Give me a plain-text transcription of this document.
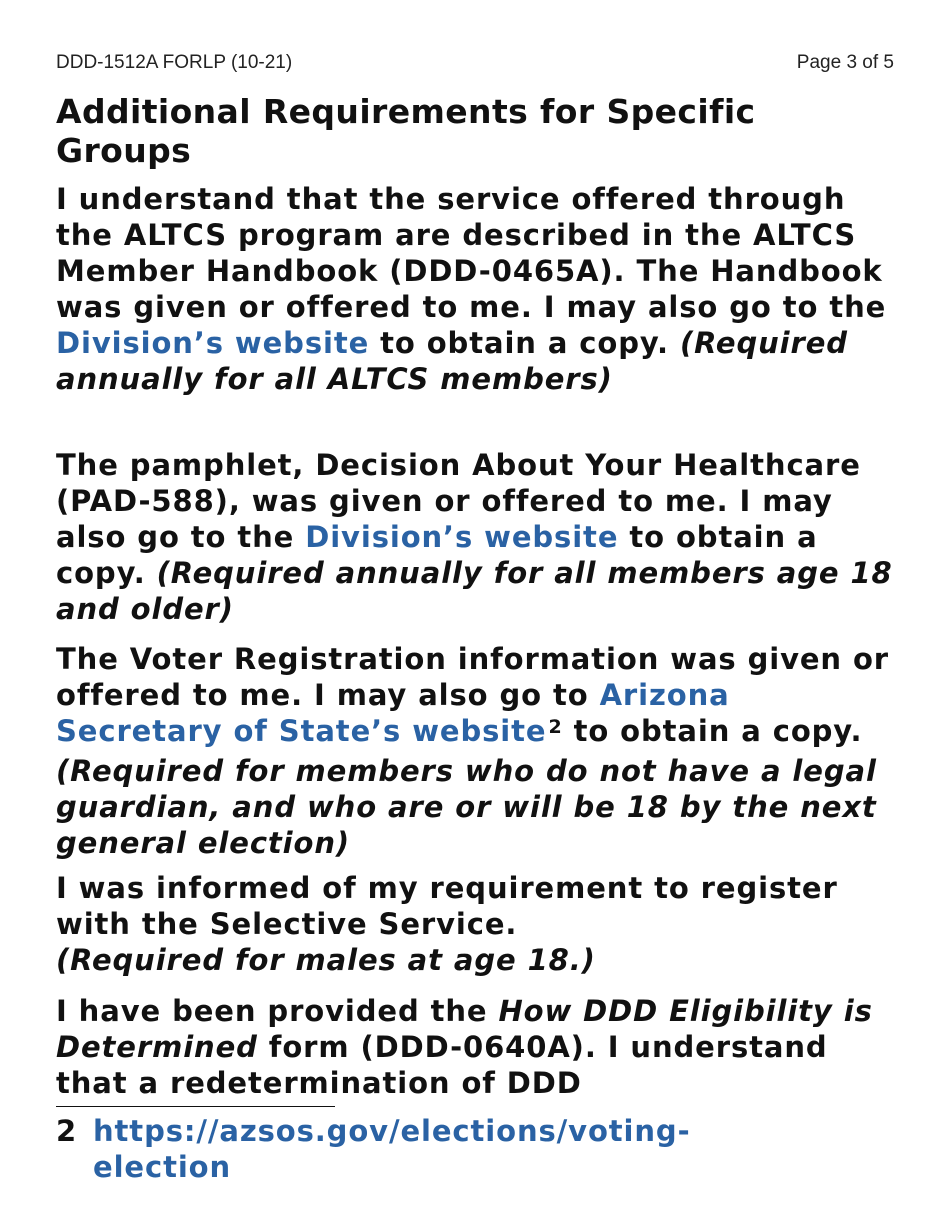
DDD-1512A FORLP (10-21)	Page 3 of 5
Additional Requirements for Specific Groups

I understand that the service offered through the ALTCS program are described in the ALTCS Member Handbook (DDD-0465A). The Handbook was given or offered to me. I may also go to the Division’s website to obtain a copy. (Required annually for all ALTCS members)

The pamphlet, Decision About Your Healthcare (PAD-588), was given or offered to me. I may also go to the Division’s website to obtain a copy. (Required annually for all members age 18 and older)

The Voter Registration information was given or offered to me. I may also go to Arizona Secretary of State’s website $^2$ to obtain a copy. (Required for members who do not have a legal guardian, and who are or will be 18 by the next general election)

I was informed of my requirement to register with the Selective Service.
(Required for males at age 18.)

I have been provided the How DDD Eligibility is Determined form (DDD-0640A). I understand that a redetermination of DDD

2 https://azsos.gov/elections/voting-election
